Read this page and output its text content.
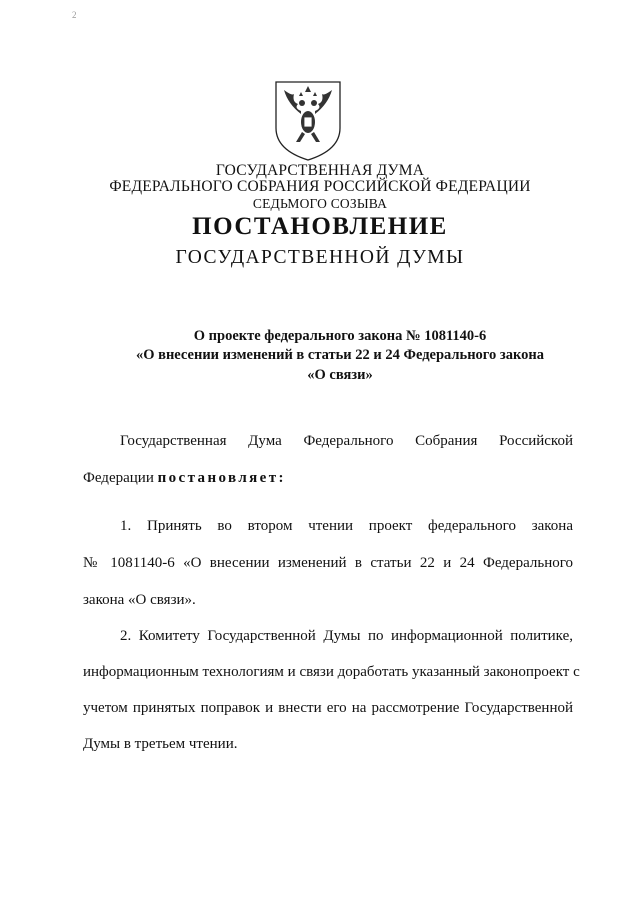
2
ГОСУДАРСТВЕННАЯ ДУМА
ФЕДЕРАЛЬНОГО СОБРАНИЯ РОССИЙСКОЙ ФЕДЕРАЦИИ
СЕДЬМОГО СОЗЫВА
ПОСТАНОВЛЕНИЕ
ГОСУДАРСТВЕННОЙ ДУМЫ
О проекте федерального закона № 1081140-6
«О внесении изменений в статьи 22 и 24 Федерального закона
«О связи»
Государственная Дума Федерального Собрания Российской
Федерации постановляет:
1. Принять во втором чтении проект федерального закона
№ 1081140-6 «О внесении изменений в статьи 22 и 24 Федерального
закона «О связи».
2. Комитету Государственной Думы по информационной политике,
информационным технологиям и связи доработать указанный законопроект с
учетом принятых поправок и внести его на рассмотрение Государственной
Думы в третьем чтении.
